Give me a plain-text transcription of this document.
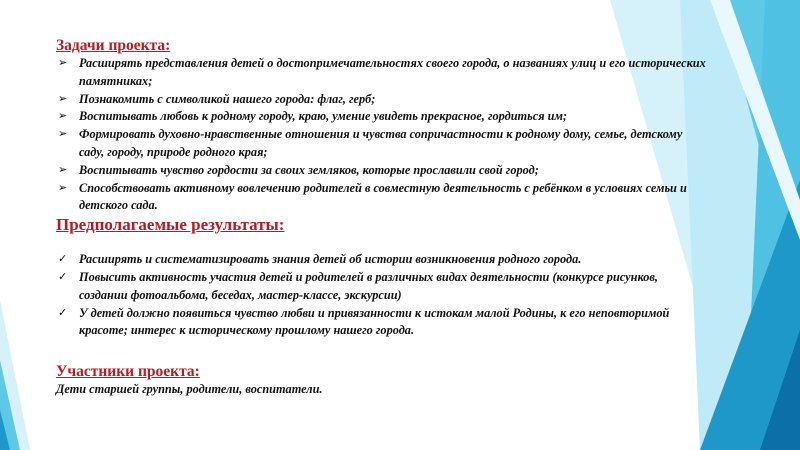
Задачи проекта:
➢ Расширять представления детей о достопримечательностях своего города, о названиях улиц и его исторических памятниках;
➢ Познакомить с символикой нашего города: флаг, герб;
➢ Воспитывать любовь к родному городу, краю, умение увидеть прекрасное, гордиться им;
➢ Формировать духовно-нравственные отношения и чувства сопричастности к родному дому, семье, детскому саду, городу, природе родного края;
➢ Воспитывать чувство гордости за своих земляков, которые прославили свой город;
➢ Способствовать активному вовлечению родителей в совместную деятельность с ребёнком в условиях семьи и детского сада.
Предполагаемые результаты:
✓ Расширять и систематизировать знания детей об истории возникновения родного города.
✓ Повысить активность участия детей и родителей в различных видах деятельности (конкурсе рисунков, создании фотоальбома, беседах, мастер-классе, экскурсии)
✓ У детей должно появиться чувство любви и привязанности к истокам малой Родины, к его неповторимой красоте; интерес к историческому прошлому нашего города.
Участники проекта:
Дети старшей группы, родители, воспитатели.
